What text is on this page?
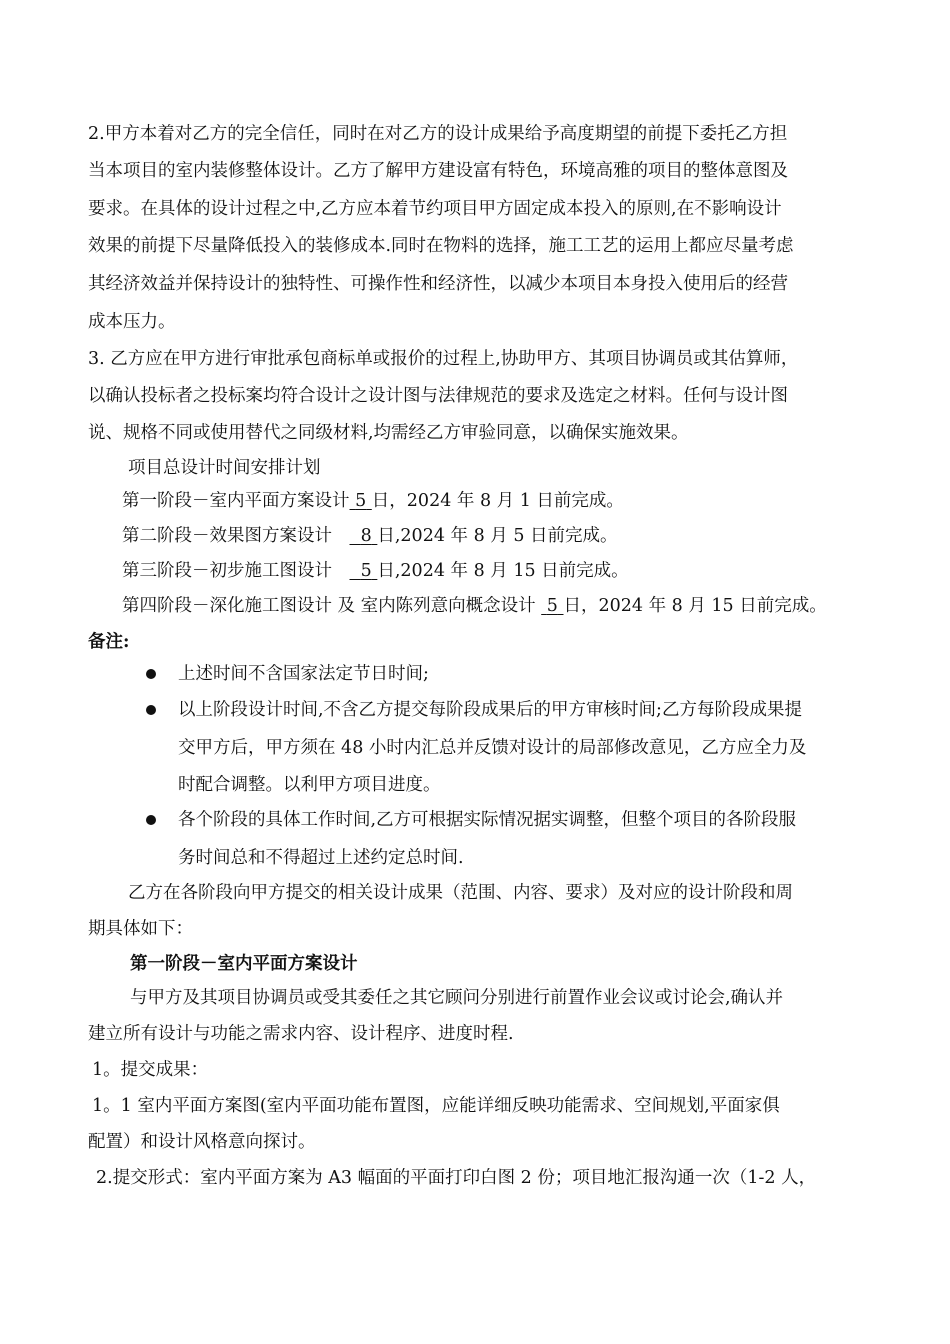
2.甲方本着对乙方的完全信任，同时在对乙方的设计成果给予高度期望的前提下委托乙方担
当本项目的室内装修整体设计。乙方了解甲方建设富有特色，环境高雅的项目的整体意图及
要求。在具体的设计过程之中,乙方应本着节约项目甲方固定成本投入的原则,在不影响设计
效果的前提下尽量降低投入的装修成本.同时在物料的选择，施工工艺的运用上都应尽量考虑
其经济效益并保持设计的独特性、可操作性和经济性，以减少本项目本身投入使用后的经营
成本压力。
3. 乙方应在甲方进行审批承包商标单或报价的过程上,协助甲方、其项目协调员或其估算师，
以确认投标者之投标案均符合设计之设计图与法律规范的要求及选定之材料。任何与设计图
说、规格不同或使用替代之同级材料,均需经乙方审验同意，以确保实施效果。
项目总设计时间安排计划
第一阶段－室内平面方案设计 5 日，2024 年 8 月 1 日前完成。
第二阶段－效果图方案设计　  8 日,2024 年 8 月 5 日前完成。
第三阶段－初步施工图设计　  5 日,2024 年 8 月 15 日前完成。
第四阶段－深化施工图设计 及 室内陈列意向概念设计 5 日，2024 年 8 月 15 日前完成。
备注:
上述时间不含国家法定节日时间;
以上阶段设计时间,不含乙方提交每阶段成果后的甲方审核时间;乙方每阶段成果提
交甲方后，甲方须在 48 小时内汇总并反馈对设计的局部修改意见，乙方应全力及
时配合调整。以利甲方项目进度。
各个阶段的具体工作时间,乙方可根据实际情况据实调整，但整个项目的各阶段服
务时间总和不得超过上述约定总时间.
乙方在各阶段向甲方提交的相关设计成果（范围、内容、要求）及对应的设计阶段和周
期具体如下：
第一阶段－室内平面方案设计
与甲方及其项目协调员或受其委任之其它顾问分别进行前置作业会议或讨论会,确认并
建立所有设计与功能之需求内容、设计程序、进度时程.
1。提交成果：
1。1 室内平面方案图(室内平面功能布置图，应能详细反映功能需求、空间规划,平面家俱
配置）和设计风格意向探讨。
2.提交形式：室内平面方案为 A3 幅面的平面打印白图 2 份；项目地汇报沟通一次（1-2 人，
